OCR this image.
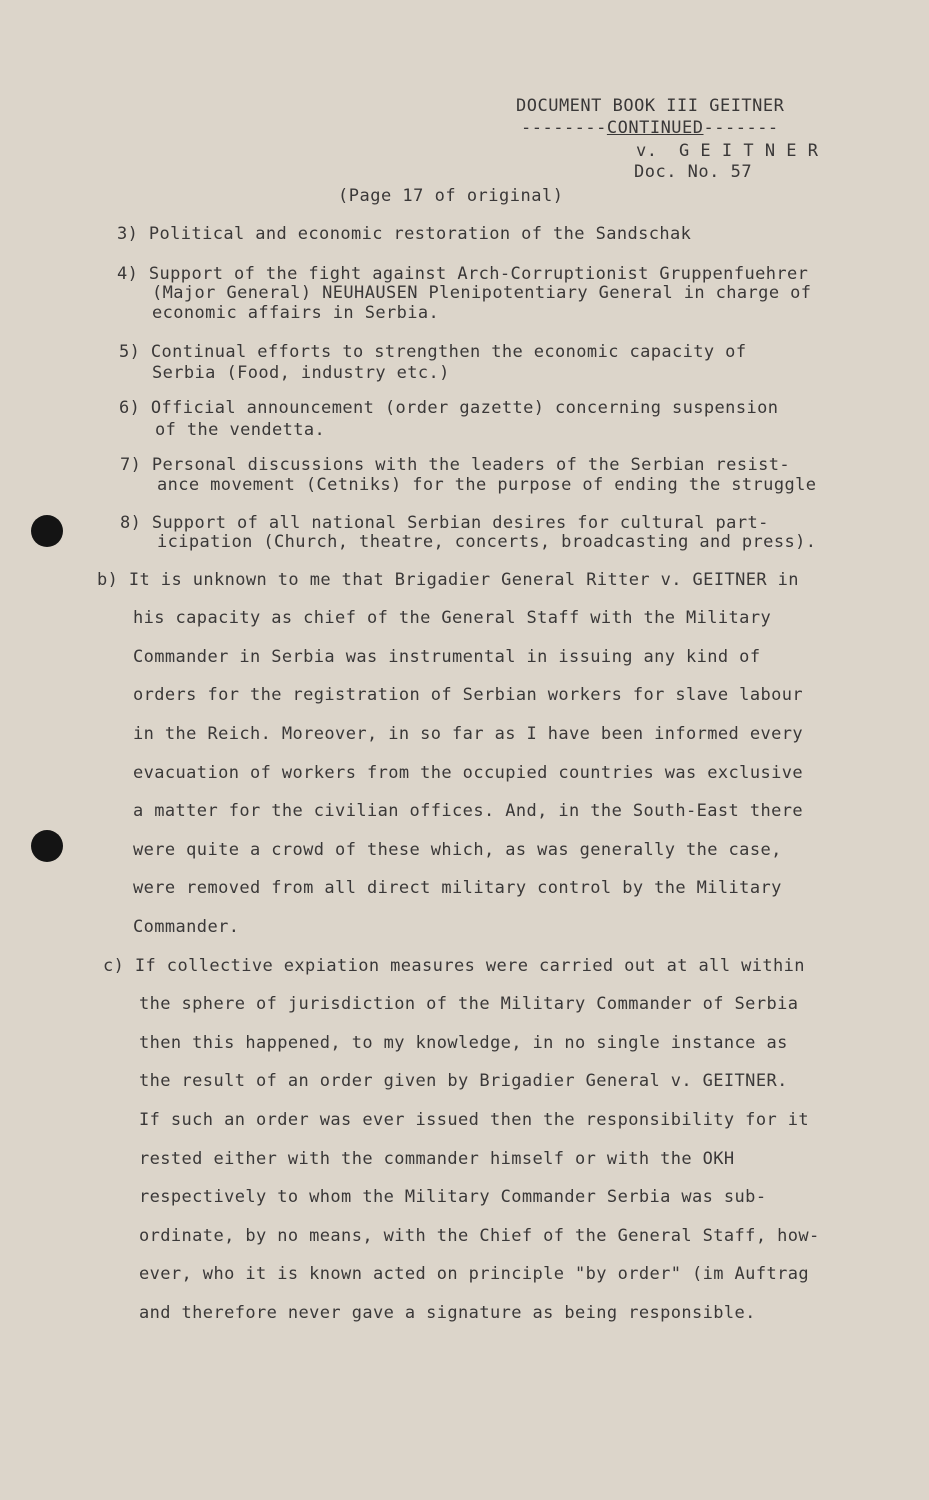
DOCUMENT BOOK III GEITNER
--------CONTINUED-------
v.  G E I T N E R
Doc. No. 57
(Page 17 of original)
3) Political and economic restoration of the Sandschak
4) Support of the fight against Arch-Corruptionist Gruppenfuehrer
(Major General) NEUHAUSEN Plenipotentiary General in charge of
economic affairs in Serbia.
5) Continual efforts to strengthen the economic capacity of
Serbia (Food, industry etc.)
6) Official announcement (order gazette) concerning suspension
of the vendetta.
7) Personal discussions with the leaders of the Serbian resist-
ance movement (Cetniks) for the purpose of ending the struggle
8) Support of all national Serbian desires for cultural part-
icipation (Church, theatre, concerts, broadcasting and press).
b) It is unknown to me that Brigadier General Ritter v. GEITNER in
his capacity as chief of the General Staff with the Military
Commander in Serbia was instrumental in issuing any kind of
orders for the registration of Serbian workers for slave labour
in the Reich. Moreover, in so far as I have been informed every
evacuation of workers from the occupied countries was exclusive
a matter for the civilian offices. And, in the South-East there
were quite a crowd of these which, as was generally the case,
were removed from all direct military control by the Military
Commander.
c) If collective expiation measures were carried out at all within
the sphere of jurisdiction of the Military Commander of Serbia
then this happened, to my knowledge, in no single instance as
the result of an order given by Brigadier General v. GEITNER.
If such an order was ever issued then the responsibility for it
rested either with the commander himself or with the OKH
respectively to whom the Military Commander Serbia was sub-
ordinate, by no means, with the Chief of the General Staff, how-
ever, who it is known acted on principle "by order" (im Auftrag
and therefore never gave a signature as being responsible.
